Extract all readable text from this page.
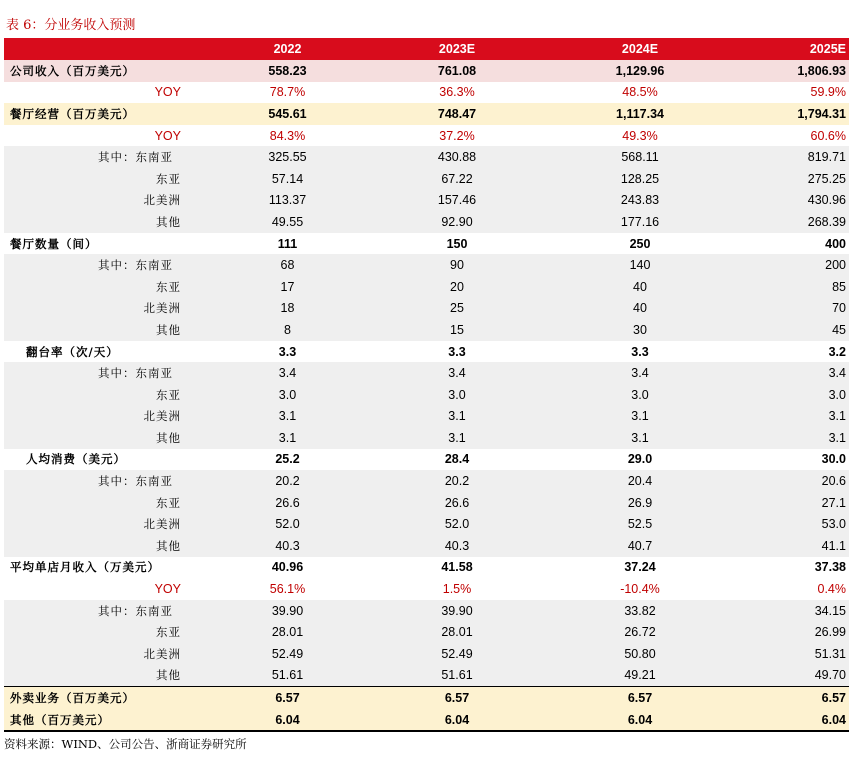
表 6：分业务收入预测
	2022	2023E	2024E	2025E
公司收入（百万美元）	558.23	761.08	1,129.96	1,806.93
YOY	78.7%	36.3%	48.5%	59.9%
餐厅经营（百万美元）	545.61	748.47	1,117.34	1,794.31
YOY	84.3%	37.2%	49.3%	60.6%
其中：东南亚	325.55	430.88	568.11	819.71
东亚	57.14	67.22	128.25	275.25
北美洲	113.37	157.46	243.83	430.96
其他	49.55	92.90	177.16	268.39
餐厅数量（间）	111	150	250	400
其中：东南亚	68	90	140	200
东亚	17	20	40	85
北美洲	18	25	40	70
其他	8	15	30	45
翻台率（次/天）	3.3	3.3	3.3	3.2
其中：东南亚	3.4	3.4	3.4	3.4
东亚	3.0	3.0	3.0	3.0
北美洲	3.1	3.1	3.1	3.1
其他	3.1	3.1	3.1	3.1
人均消费（美元）	25.2	28.4	29.0	30.0
其中：东南亚	20.2	20.2	20.4	20.6
东亚	26.6	26.6	26.9	27.1
北美洲	52.0	52.0	52.5	53.0
其他	40.3	40.3	40.7	41.1
平均单店月收入（万美元）	40.96	41.58	37.24	37.38
YOY	56.1%	1.5%	-10.4%	0.4%
其中：东南亚	39.90	39.90	33.82	34.15
东亚	28.01	28.01	26.72	26.99
北美洲	52.49	52.49	50.80	51.31
其他	51.61	51.61	49.21	49.70
外卖业务（百万美元）	6.57	6.57	6.57	6.57
其他（百万美元）	6.04	6.04	6.04	6.04
资料来源：WIND、公司公告、浙商证券研究所
